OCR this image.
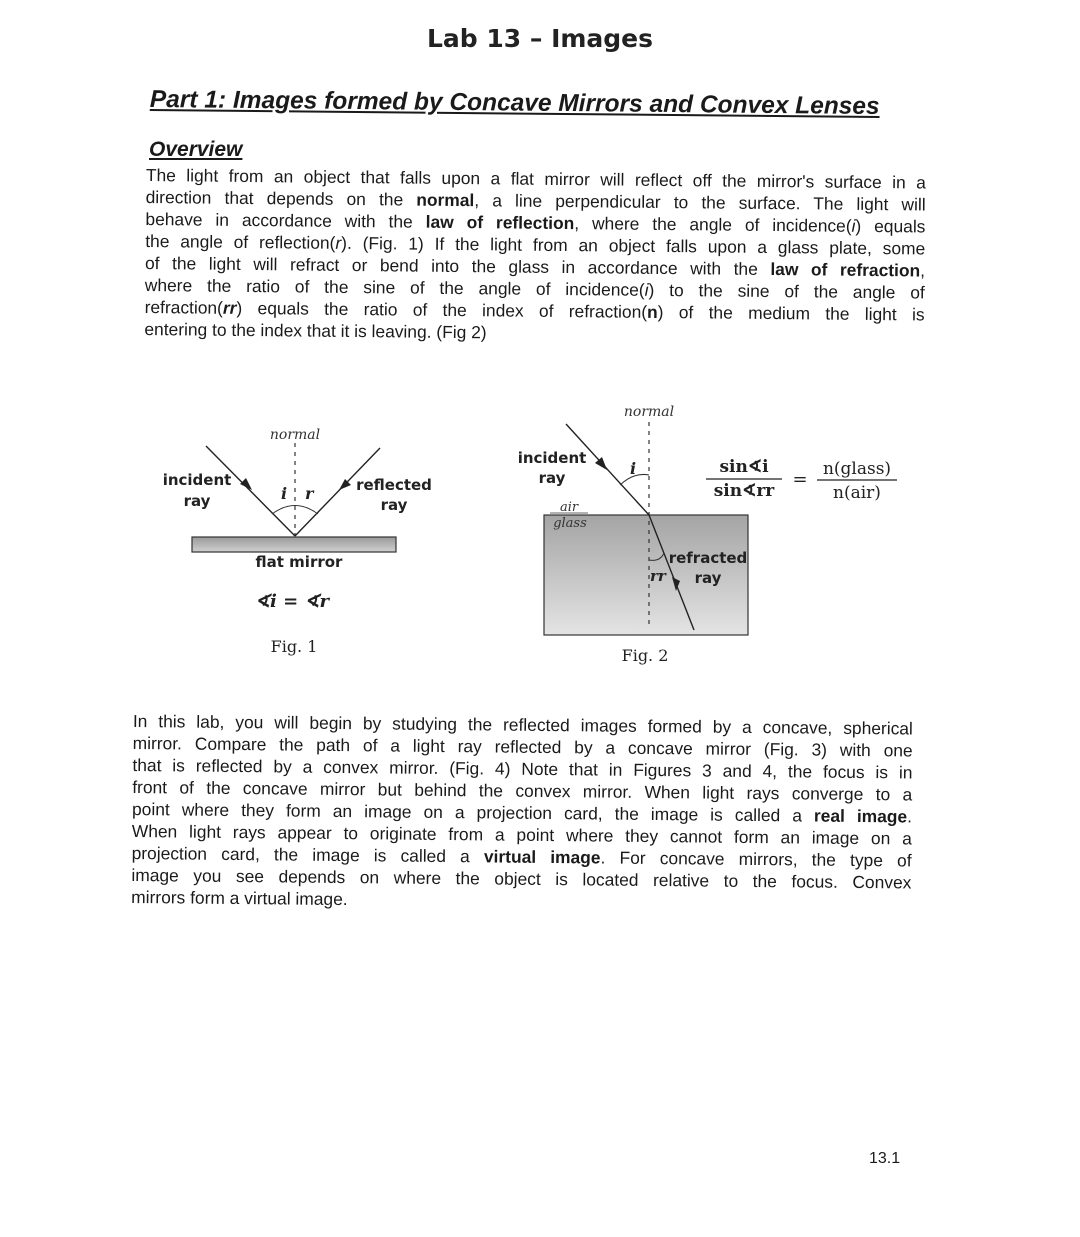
Lab 13 – Images
Part 1: Images formed by Concave Mirrors and Convex Lenses
Overview
The light from an object that falls upon a flat mirror will reflect off the mirror's surface in a
direction that depends on the normal, a line perpendicular to the surface. The light will
behave in accordance with the law of reflection, where the angle of incidence(i) equals
the angle of reflection(r). (Fig. 1) If the light from an object falls upon a glass plate, some
of the light will refract or bend into the glass in accordance with the law of refraction,
where the ratio of the sine of the angle of incidence(i) to the sine of the angle of
refraction(rr) equals the ratio of the index of refraction(n) of the medium the light is
entering to the index that it is leaving. (Fig 2)
normal
i r
incident
ray
reflected
ray
flat mirror
∢i = ∢r
Fig. 1
normal
i
incident
ray
air
glass
refracted
ray
rr
sin∢i
sin∢rr
= n(glass)
n(air)
Fig. 2
In this lab, you will begin by studying the reflected images formed by a concave, spherical
mirror. Compare the path of a light ray reflected by a concave mirror (Fig. 3) with one
that is reflected by a convex mirror. (Fig. 4) Note that in Figures 3 and 4, the focus is in
front of the concave mirror but behind the convex mirror. When light rays converge to a
point where they form an image on a projection card, the image is called a real image.
When light rays appear to originate from a point where they cannot form an image on a
projection card, the image is called a virtual image. For concave mirrors, the type of
image you see depends on where the object is located relative to the focus. Convex
mirrors form a virtual image.
13.1
